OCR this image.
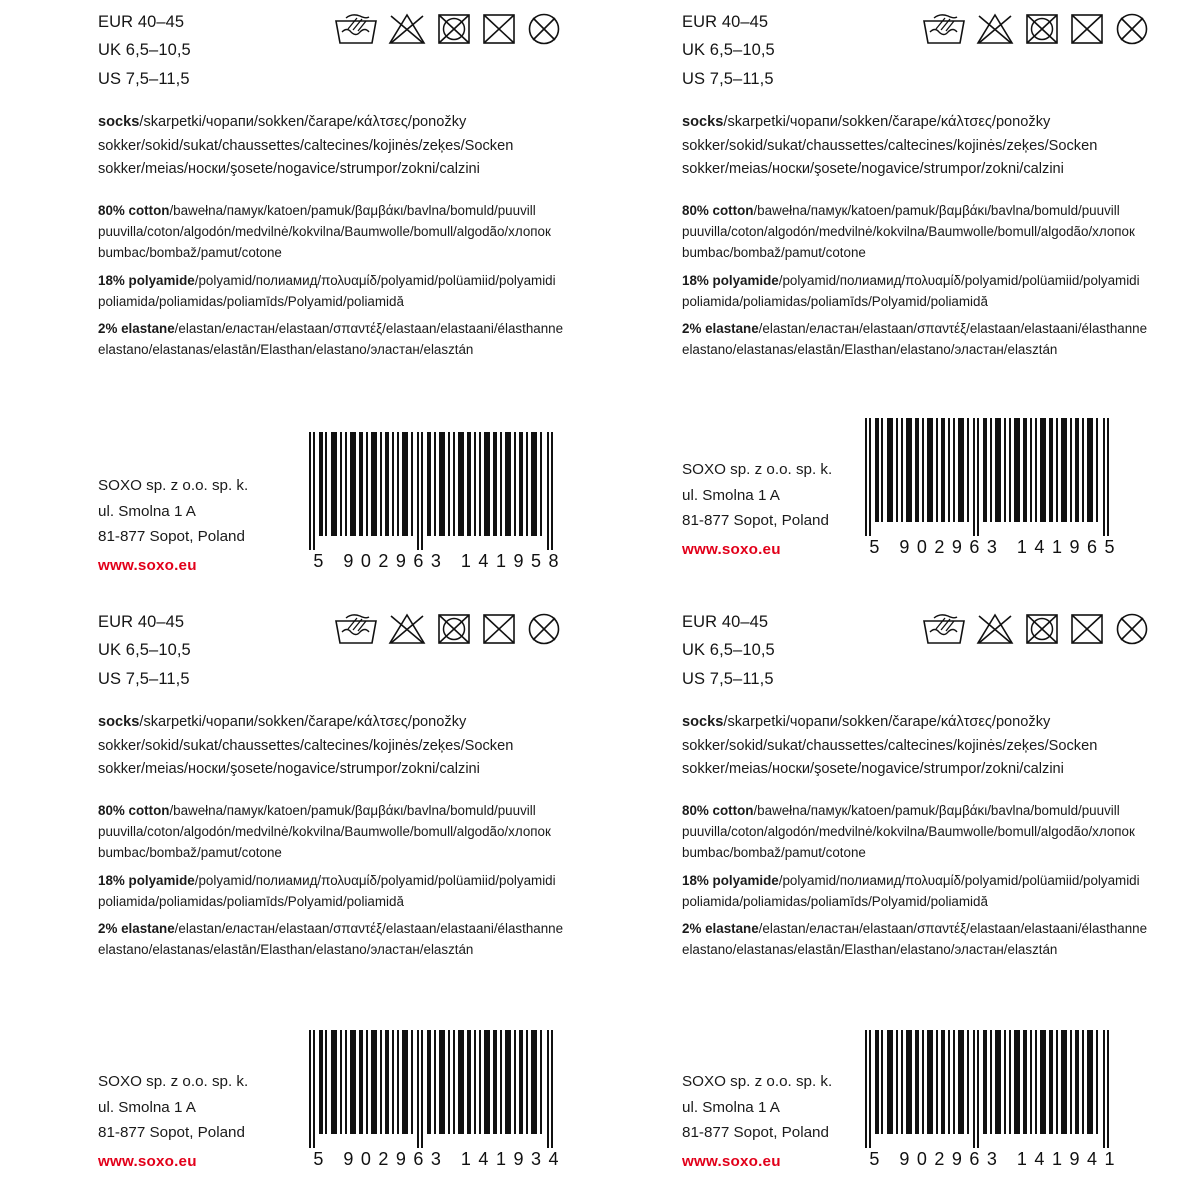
EUR 40–45
UK 6,5–10,5
US 7,5–11,5
socks/skarpetki/чорапи/sokken/čarape/κάλτσες/ponožky
sokker/sokid/sukat/chaussettes/caltecines/kojinės/zeķes/Socken
sokker/meias/носки/şosete/nogavice/strumpor/zokni/calzini
80% cotton/bawełna/памук/katoen/pamuk/βαμβάκι/bavlna/bomuld/puuvill
puuvilla/coton/algodón/medvilnė/kokvilna/Baumwolle/bomull/algodão/хлопок
bumbac/bombaž/pamut/cotone
18% polyamide/polyamid/полиамид/πολυαμίδ/polyamid/polüamiid/polyamidi
poliamida/poliamidas/poliamīds/Polyamid/poliamidă
2% elastane/elastan/еластан/elastaan/σπαντέξ/elastaan/elastaani/élasthanne
elastano/elastanas/elastān/Elasthan/elastano/эластан/elasztán
SOXO sp. z o.o. sp. k.
ul. Smolna 1 A
81-877 Sopot, Poland
www.soxo.eu	5 902963 141958
EUR 40–45
UK 6,5–10,5
US 7,5–11,5
socks/skarpetki/чорапи/sokken/čarape/κάλτσες/ponožky
sokker/sokid/sukat/chaussettes/caltecines/kojinės/zeķes/Socken
sokker/meias/носки/şosete/nogavice/strumpor/zokni/calzini
80% cotton/bawełna/памук/katoen/pamuk/βαμβάκι/bavlna/bomuld/puuvill
puuvilla/coton/algodón/medvilnė/kokvilna/Baumwolle/bomull/algodão/хлопок
bumbac/bombaž/pamut/cotone
18% polyamide/polyamid/полиамид/πολυαμίδ/polyamid/polüamiid/polyamidi
poliamida/poliamidas/poliamīds/Polyamid/poliamidă
2% elastane/elastan/еластан/elastaan/σπαντέξ/elastaan/elastaani/élasthanne
elastano/elastanas/elastān/Elasthan/elastano/эластан/elasztán
SOXO sp. z o.o. sp. k.
ul. Smolna 1 A
81-877 Sopot, Poland
www.soxo.eu	5 902963 141965
EUR 40–45
UK 6,5–10,5
US 7,5–11,5
socks/skarpetki/чорапи/sokken/čarape/κάλτσες/ponožky
sokker/sokid/sukat/chaussettes/caltecines/kojinės/zeķes/Socken
sokker/meias/носки/şosete/nogavice/strumpor/zokni/calzini
80% cotton/bawełna/памук/katoen/pamuk/βαμβάκι/bavlna/bomuld/puuvill
puuvilla/coton/algodón/medvilnė/kokvilna/Baumwolle/bomull/algodão/хлопок
bumbac/bombaž/pamut/cotone
18% polyamide/polyamid/полиамид/πολυαμίδ/polyamid/polüamiid/polyamidi
poliamida/poliamidas/poliamīds/Polyamid/poliamidă
2% elastane/elastan/еластан/elastaan/σπαντέξ/elastaan/elastaani/élasthanne
elastano/elastanas/elastān/Elasthan/elastano/эластан/elasztán
SOXO sp. z o.o. sp. k.
ul. Smolna 1 A
81-877 Sopot, Poland
www.soxo.eu	5 902963 141934
EUR 40–45
UK 6,5–10,5
US 7,5–11,5
socks/skarpetki/чорапи/sokken/čarape/κάλτσες/ponožky
sokker/sokid/sukat/chaussettes/caltecines/kojinės/zeķes/Socken
sokker/meias/носки/şosete/nogavice/strumpor/zokni/calzini
80% cotton/bawełna/памук/katoen/pamuk/βαμβάκι/bavlna/bomuld/puuvill
puuvilla/coton/algodón/medvilnė/kokvilna/Baumwolle/bomull/algodão/хлопок
bumbac/bombaž/pamut/cotone
18% polyamide/polyamid/полиамид/πολυαμίδ/polyamid/polüamiid/polyamidi
poliamida/poliamidas/poliamīds/Polyamid/poliamidă
2% elastane/elastan/еластан/elastaan/σπαντέξ/elastaan/elastaani/élasthanne
elastano/elastanas/elastān/Elasthan/elastano/эластан/elasztán
SOXO sp. z o.o. sp. k.
ul. Smolna 1 A
81-877 Sopot, Poland
www.soxo.eu	5 902963 141941
